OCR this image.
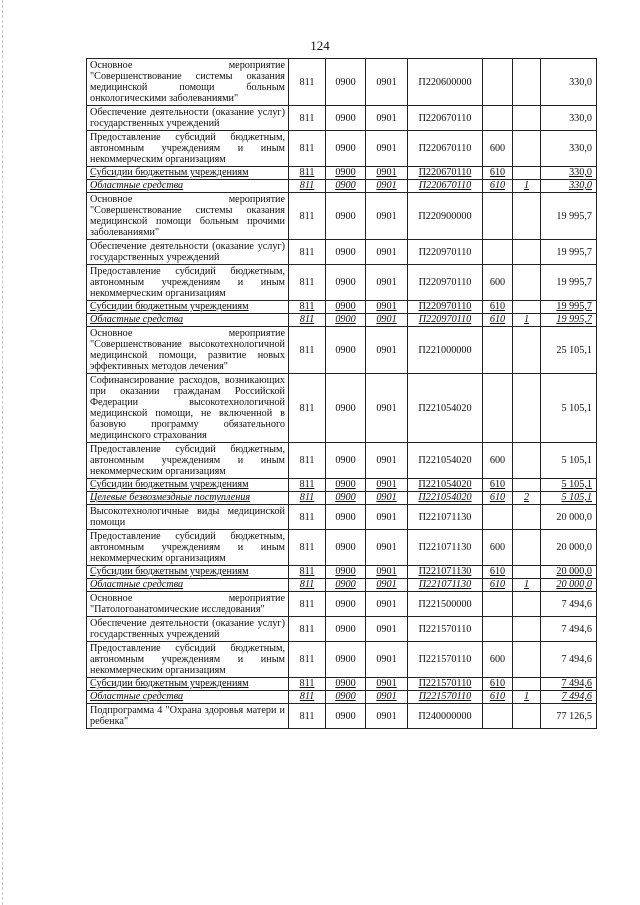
124
Основное мероприятие "Совершенствование системы оказания медицинской помощи больным онкологическими заболеваниями"	811	0900	0901	П220600000			330,0
Обеспечение деятельности (оказание услуг) государственных учреждений	811	0900	0901	П220670110			330,0
Предоставление субсидий бюджетным, автономным учреждениям и иным некоммерческим организациям	811	0900	0901	П220670110	600		330,0
Субсидии бюджетным учреждениям	811	0900	0901	П220670110	610		330,0
Областные средства	811	0900	0901	П220670110	610	1	330,0
Основное мероприятие "Совершенствование системы оказания медицинской помощи больным прочими заболеваниями"	811	0900	0901	П220900000			19 995,7
Обеспечение деятельности (оказание услуг) государственных учреждений	811	0900	0901	П220970110			19 995,7
Предоставление субсидий бюджетным, автономным учреждениям и иным некоммерческим организациям	811	0900	0901	П220970110	600		19 995,7
Субсидии бюджетным учреждениям	811	0900	0901	П220970110	610		19 995,7
Областные средства	811	0900	0901	П220970110	610	1	19 995,7
Основное мероприятие "Совершенствование высокотехнологичной медицинской помощи, развитие новых эффективных методов лечения"	811	0900	0901	П221000000			25 105,1
Софинансирование расходов, возникающих при оказании гражданам Российской Федерации высокотехнологичной медицинской помощи, не включенной в базовую программу обязательного медицинского страхования	811	0900	0901	П221054020			5 105,1
Предоставление субсидий бюджетным, автономным учреждениям и иным некоммерческим организациям	811	0900	0901	П221054020	600		5 105,1
Субсидии бюджетным учреждениям	811	0900	0901	П221054020	610		5 105,1
Целевые безвозмездные поступления	811	0900	0901	П221054020	610	2	5 105,1
Высокотехнологичные виды медицинской помощи	811	0900	0901	П221071130			20 000,0
Предоставление субсидий бюджетным, автономным учреждениям и иным некоммерческим организациям	811	0900	0901	П221071130	600		20 000,0
Субсидии бюджетным учреждениям	811	0900	0901	П221071130	610		20 000,0
Областные средства	811	0900	0901	П221071130	610	1	20 000,0
Основное мероприятие "Патологоанатомические исследования"	811	0900	0901	П221500000			7 494,6
Обеспечение деятельности (оказание услуг) государственных учреждений	811	0900	0901	П221570110			7 494,6
Предоставление субсидий бюджетным, автономным учреждениям и иным некоммерческим организациям	811	0900	0901	П221570110	600		7 494,6
Субсидии бюджетным учреждениям	811	0900	0901	П221570110	610		7 494,6
Областные средства	811	0900	0901	П221570110	610	1	7 494,6
Подпрограмма 4 "Охрана здоровья матери и ребенка"	811	0900	0901	П240000000			77 126,5
